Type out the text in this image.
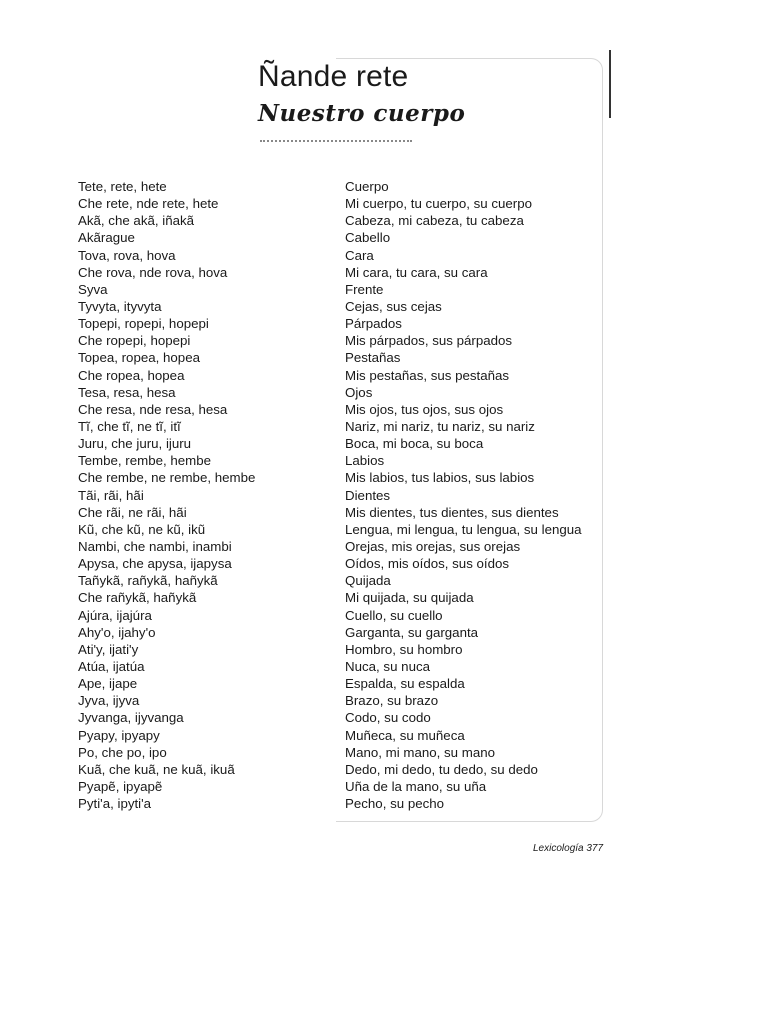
Ñande rete
Nuestro cuerpo
Tete, rete, hete
Che rete, nde rete, hete
Akã, che akã, iñakã
Akãrague
Tova, rova, hova
Che rova, nde rova, hova
Syva
Tyvyta, ityvyta
Topepi, ropepi, hopepi
Che ropepi, hopepi
Topea, ropea, hopea
Che ropea, hopea
Tesa, resa, hesa
Che resa, nde resa, hesa
Tĩ, che tĩ, ne tĩ, itĩ
Juru, che juru, ijuru
Tembe, rembe, hembe
Che rembe, ne rembe, hembe
Tãi, rãi, hãi
Che rãi, ne rãi, hãi
Kũ, che kũ, ne kũ, ikũ
Nambi, che nambi, inambi
Apysa, che apysa, ijapysa
Tañykã, rañykã, hañykã
Che rañykã, hañykã
Ajúra, ijajúra
Ahy'o, ijahy'o
Ati'y, ijati'y
Atúa, ijatúa
Ape, ijape
Jyva, ijyva
Jyvanga, ijyvanga
Pyapy, ipyapy
Po, che po, ipo
Kuã, che kuã, ne kuã, ikuã
Pyapẽ, ipyapẽ
Pyti'a, ipyti'a
Cuerpo
Mi cuerpo, tu cuerpo, su cuerpo
Cabeza, mi cabeza, tu cabeza
Cabello
Cara
Mi cara, tu cara, su cara
Frente
Cejas, sus cejas
Párpados
Mis párpados, sus párpados
Pestañas
Mis pestañas, sus pestañas
Ojos
Mis ojos, tus ojos, sus ojos
Nariz, mi nariz, tu nariz, su nariz
Boca, mi boca, su boca
Labios
Mis labios, tus labios, sus labios
Dientes
Mis dientes, tus dientes, sus dientes
Lengua, mi lengua, tu lengua, su lengua
Orejas, mis orejas, sus orejas
Oídos, mis oídos, sus oídos
Quijada
Mi quijada, su quijada
Cuello, su cuello
Garganta, su garganta
Hombro, su hombro
Nuca, su nuca
Espalda, su espalda
Brazo, su brazo
Codo, su codo
Muñeca, su muñeca
Mano, mi mano, su mano
Dedo, mi dedo, tu dedo, su dedo
Uña de la mano, su uña
Pecho, su pecho
Lexicología 377
